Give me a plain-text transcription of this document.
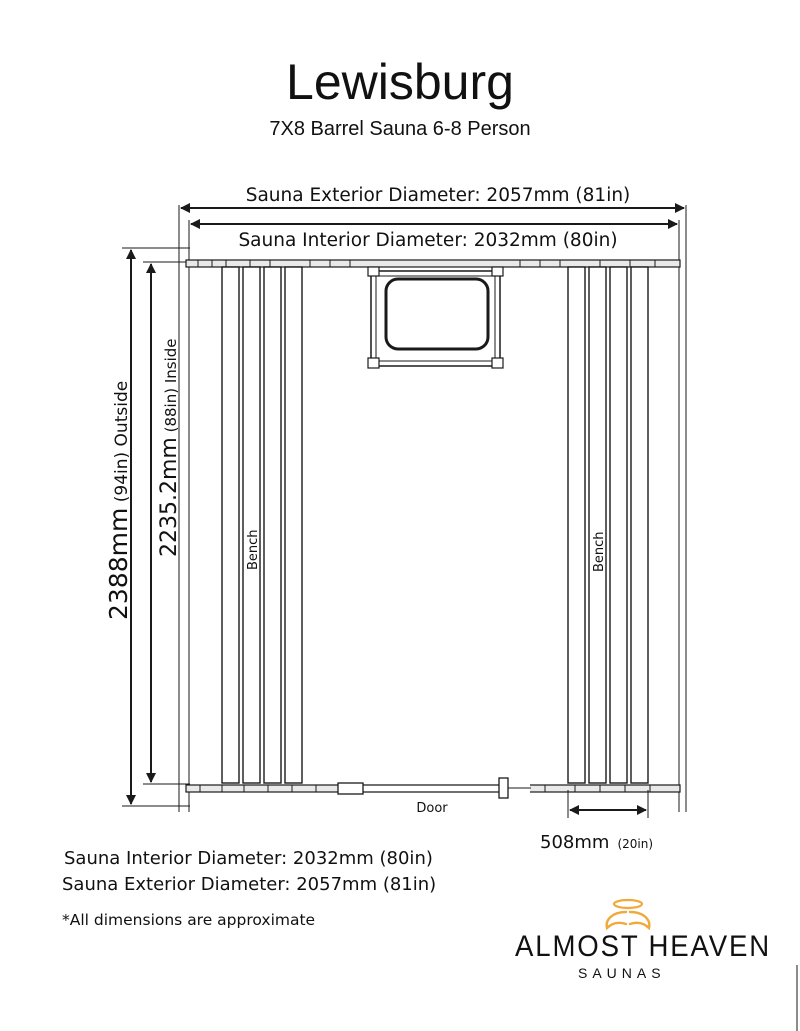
Lewisburg
7X8 Barrel Sauna 6-8 Person
Sauna Exterior Diameter: 2057mm (81in)
Sauna Interior Diameter: 2032mm (80in)
2388mm (94in) Outside 2235.2mm (88in) Inside
Bench	Bench
Door
508mm (20in)
Sauna Interior Diameter: 2032mm (80in)
Sauna Exterior Diameter: 2057mm (81in)
*All dimensions are approximate
ALMOST HEAVEN
SAUNAS
